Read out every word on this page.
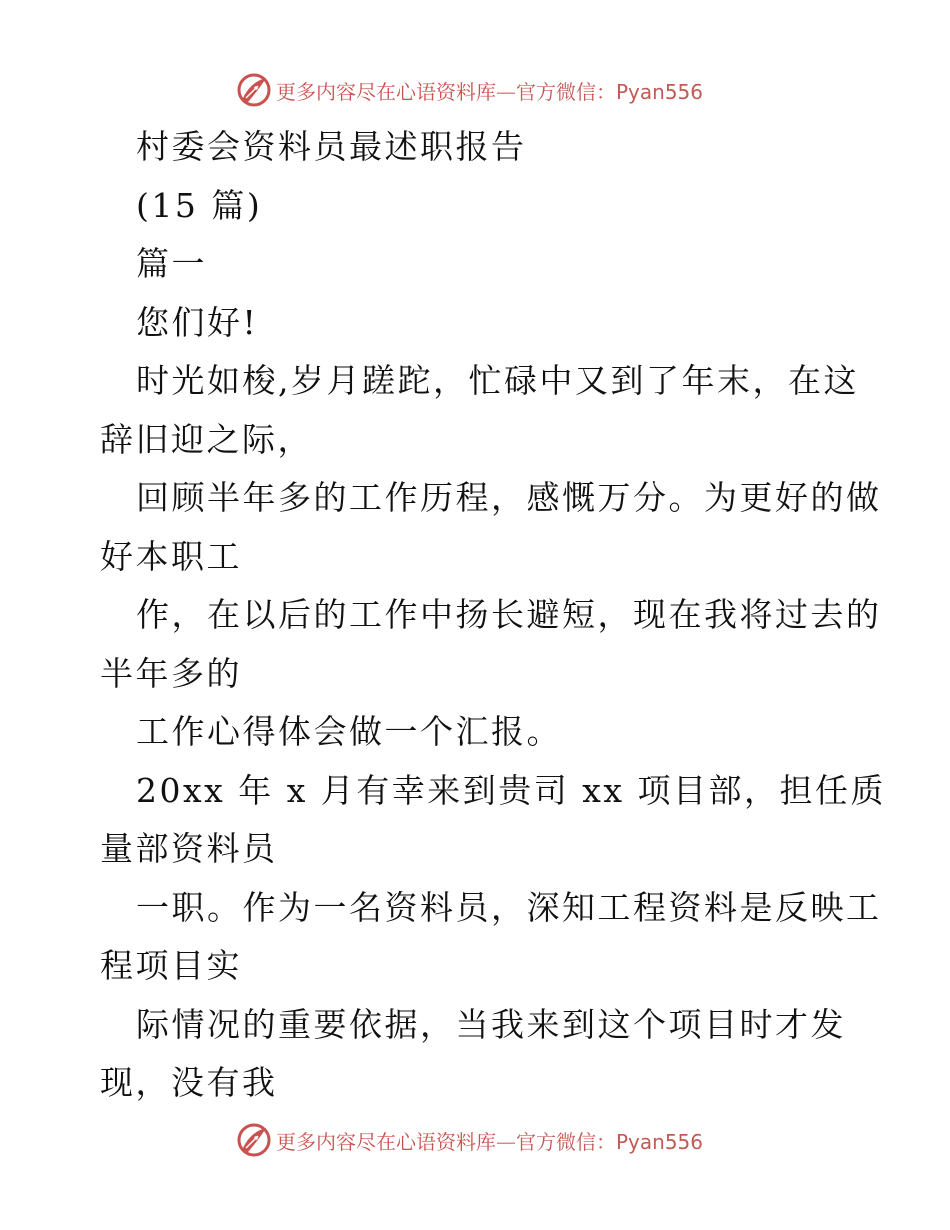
更多内容尽在心语资料库—官方微信：Pyan556
村委会资料员最述职报告
(15 篇)
篇一
您们好!
时光如梭,岁月蹉跎，忙碌中又到了年末，在这
辞旧迎之际，
回顾半年多的工作历程，感慨万分。为更好的做
好本职工
作，在以后的工作中扬长避短，现在我将过去的
半年多的
工作心得体会做一个汇报。
20xx 年 x 月有幸来到贵司 xx 项目部，担任质
量部资料员
一职。作为一名资料员，深知工程资料是反映工
程项目实
际情况的重要依据，当我来到这个项目时才发
现，没有我
更多内容尽在心语资料库—官方微信：Pyan556
